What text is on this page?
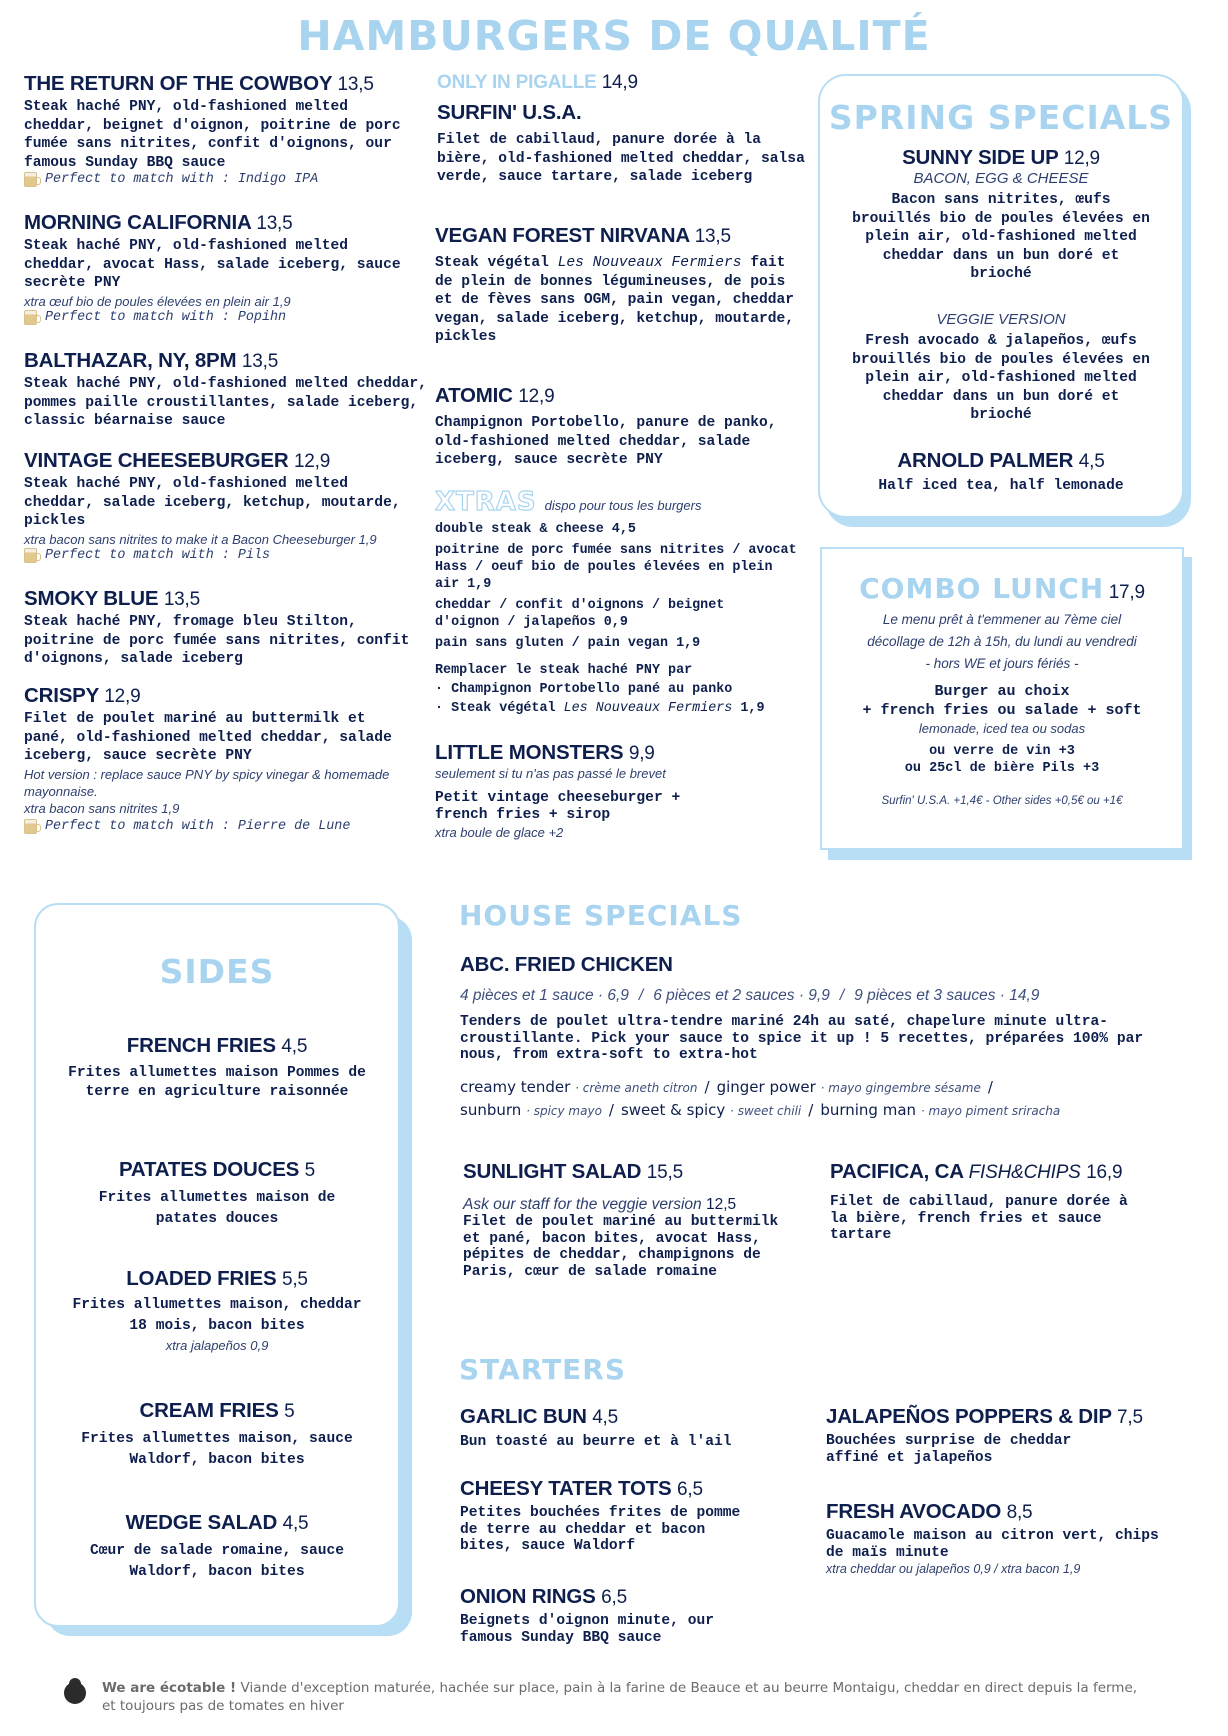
HAMBURGERS DE QUALITÉ
THE RETURN OF THE COWBOY 13,5
Steak haché PNY, old-fashioned melted cheddar, beignet d'oignon, poitrine de porc fumée sans nitrites, confit d'oignons, our famous Sunday BBQ sauce
Perfect to match with : Indigo IPA
MORNING CALIFORNIA 13,5
Steak haché PNY, old-fashioned melted cheddar, avocat Hass, salade iceberg, sauce secrète PNY
xtra œuf bio de poules élevées en plein air 1,9
Perfect to match with : Popihn
BALTHAZAR, NY, 8PM 13,5
Steak haché PNY, old-fashioned melted cheddar, pommes paille croustillantes, salade iceberg, classic béarnaise sauce
VINTAGE CHEESEBURGER 12,9
Steak haché PNY, old-fashioned melted cheddar, salade iceberg, ketchup, moutarde, pickles
xtra bacon sans nitrites to make it a Bacon Cheeseburger 1,9
Perfect to match with : Pils
SMOKY BLUE 13,5
Steak haché PNY, fromage bleu Stilton, poitrine de porc fumée sans nitrites, confit d'oignons, salade iceberg
CRISPY 12,9
Filet de poulet mariné au buttermilk et pané, old-fashioned melted cheddar, salade iceberg, sauce secrète PNY
Hot version : replace sauce PNY by spicy vinegar & homemade mayonnaise.
xtra bacon sans nitrites 1,9
Perfect to match with : Pierre de Lune
ONLY IN PIGALLE 14,9
SURFIN' U.S.A.
Filet de cabillaud, panure dorée à la bière, old-fashioned melted cheddar, salsa verde, sauce tartare, salade iceberg
VEGAN FOREST NIRVANA 13,5
Steak végétal Les Nouveaux Fermiers fait de plein de bonnes légumineuses, de pois et de fèves sans OGM, pain vegan, cheddar vegan, salade iceberg, ketchup, moutarde, pickles
ATOMIC 12,9
Champignon Portobello, panure de panko, old-fashioned melted cheddar, salade iceberg, sauce secrète PNY
XTRAS dispo pour tous les burgers
double steak & cheese 4,5
poitrine de porc fumée sans nitrites / avocat Hass / oeuf bio de poules élevées en plein air 1,9
cheddar / confit d'oignons / beignet d'oignon / jalapeños 0,9
pain sans gluten / pain vegan 1,9
Remplacer le steak haché PNY par
· Champignon Portobello pané au panko
· Steak végétal Les Nouveaux Fermiers 1,9
LITTLE MONSTERS 9,9
seulement si tu n'as pas passé le brevet
Petit vintage cheeseburger + french fries + sirop
xtra boule de glace +2
SPRING SPECIALS
SUNNY SIDE UP 12,9
BACON, EGG & CHEESE
Bacon sans nitrites, œufs brouillés bio de poules élevées en plein air, old-fashioned melted cheddar dans un bun doré et brioché
VEGGIE VERSION
Fresh avocado & jalapeños, œufs brouillés bio de poules élevées en plein air, old-fashioned melted cheddar dans un bun doré et brioché
ARNOLD PALMER 4,5
Half iced tea, half lemonade
COMBO LUNCH 17,9
Le menu prêt à t'emmener au 7ème ciel
décollage de 12h à 15h, du lundi au vendredi
- hors WE et jours fériés -
Burger au choix
+ french fries ou salade + soft
lemonade, iced tea ou sodas
ou verre de vin +3
ou 25cl de bière Pils +3
Surfin' U.S.A. +1,4€ - Other sides +0,5€ ou +1€
SIDES
FRENCH FRIES 4,5
Frites allumettes maison Pommes de terre en agriculture raisonnée
PATATES DOUCES 5
Frites allumettes maison de patates douces
LOADED FRIES 5,5
Frites allumettes maison, cheddar 18 mois, bacon bites
xtra jalapeños 0,9
CREAM FRIES 5
Frites allumettes maison, sauce Waldorf, bacon bites
WEDGE SALAD 4,5
Cœur de salade romaine, sauce Waldorf, bacon bites
HOUSE SPECIALS
ABC. FRIED CHICKEN
4 pièces et 1 sauce · 6,9 / 6 pièces et 2 sauces · 9,9 / 9 pièces et 3 sauces · 14,9
Tenders de poulet ultra-tendre mariné 24h au saté, chapelure minute ultra-croustillante. Pick your sauce to spice it up ! 5 recettes, préparées 100% par nous, from extra-soft to extra-hot
creamy tender · crème aneth citron / ginger power · mayo gingembre sésame /
sunburn · spicy mayo / sweet & spicy · sweet chili / burning man · mayo piment sriracha
SUNLIGHT SALAD 15,5
Ask our staff for the veggie version 12,5
Filet de poulet mariné au buttermilk et pané, bacon bites, avocat Hass, pépites de cheddar, champignons de Paris, cœur de salade romaine
PACIFICA, CA FISH&CHIPS 16,9
Filet de cabillaud, panure dorée à la bière, french fries et sauce tartare
STARTERS
GARLIC BUN 4,5
Bun toasté au beurre et à l'ail
CHEESY TATER TOTS 6,5
Petites bouchées frites de pomme de terre au cheddar et bacon bites, sauce Waldorf
ONION RINGS 6,5
Beignets d'oignon minute, our famous Sunday BBQ sauce
JALAPEÑOS POPPERS & DIP 7,5
Bouchées surprise de cheddar affiné et jalapeños
FRESH AVOCADO 8,5
Guacamole maison au citron vert, chips de maïs minute
xtra cheddar ou jalapeños 0,9 / xtra bacon 1,9
We are écotable ! Viande d'exception maturée, hachée sur place, pain à la farine de Beauce et au beurre Montaigu, cheddar en direct depuis la ferme, et toujours pas de tomates en hiver
